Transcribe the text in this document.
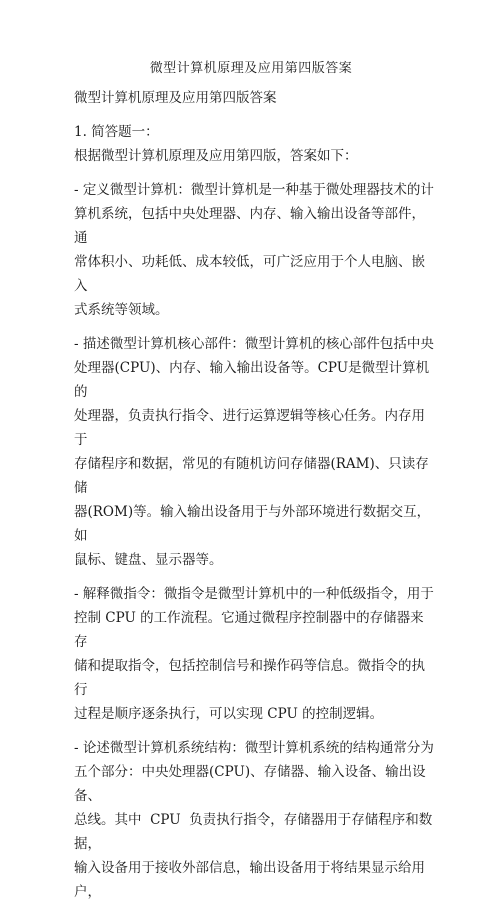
微型计算机原理及应用第四版答案

微型计算机原理及应用第四版答案

1. 简答题一：

根据微型计算机原理及应用第四版，答案如下：

- 定义微型计算机：微型计算机是一种基于微处理器技术的计
算机系统，包括中央处理器、内存、输入输出设备等部件，通
常体积小、功耗低、成本较低，可广泛应用于个人电脑、嵌入
式系统等领域。

- 描述微型计算机核心部件：微型计算机的核心部件包括中央
处理器(CPU)、内存、输入输出设备等。CPU是微型计算机的
处理器，负责执行指令、进行运算逻辑等核心任务。内存用于
存储程序和数据，常见的有随机访问存储器(RAM)、只读存储
器(ROM)等。输入输出设备用于与外部环境进行数据交互，如
鼠标、键盘、显示器等。

- 解释微指令：微指令是微型计算机中的一种低级指令，用于
控制 CPU 的工作流程。它通过微程序控制器中的存储器来存
储和提取指令，包括控制信号和操作码等信息。微指令的执行
过程是顺序逐条执行，可以实现 CPU 的控制逻辑。

- 论述微型计算机系统结构：微型计算机系统的结构通常分为
五个部分：中央处理器(CPU)、存储器、输入设备、输出设备、
总线。其中  CPU  负责执行指令，存储器用于存储程序和数据，
输入设备用于接收外部信息，输出设备用于将结果显示给用户，
